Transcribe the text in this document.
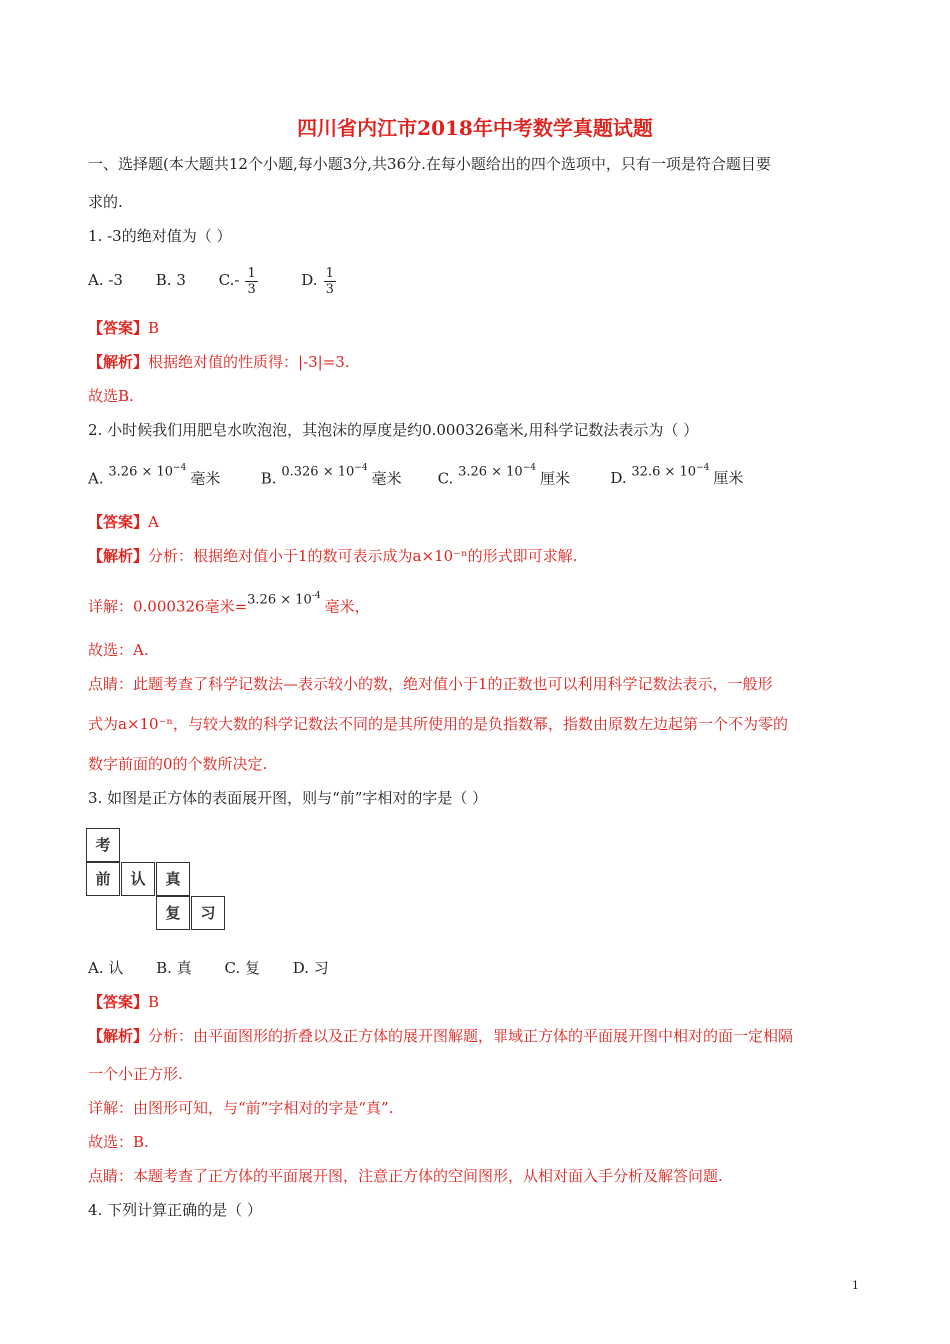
四川省内江市2018年中考数学真题试题
一、选择题(本大题共12个小题,每小题3分,共36分.在每小题给出的四个选项中，只有一项是符合题目要
求的.
1. -3的绝对值为（ ）
A. -3 B. 3 $C.- \frac{1}{3}$	D. $\frac{1}{3}$
【答案】B
【解析】根据绝对值的性质得：|-3|=3.
故选B.
2. 小时候我们用肥皂水吹泡泡，其泡沫的厚度是约0.000326毫米,用科学记数法表示为（ ）
A. $3.26 \times 10^{-4}$毫米	B. $0.326 \times 10^{-4}$毫米 C. $3.26 \times 10^{-4}$厘米	D. $32.6 \times 10^{-4}$厘米
【答案】A
【解析】分析：根据绝对值小于1的数可表示成为a×10⁻ⁿ的形式即可求解.
详解：0.000326毫米$=3.26 \times 10^{-4}$毫米，
故选：A.
点睛：此题考查了科学记数法—表示较小的数，绝对值小于1的正数也可以利用科学记数法表示，一般形
式为a×10⁻ⁿ，与较大数的科学记数法不同的是其所使用的是负指数幂，指数由原数左边起第一个不为零的
数字前面的0的个数所决定.
3. 如图是正方体的表面展开图，则与“前”字相对的字是（ ）
考
前	认	真
复	习
A. 认 B. 真 C. 复 D. 习
【答案】B
【解析】分析：由平面图形的折叠以及正方体的展开图解题，罪域正方体的平面展开图中相对的面一定相隔
一个小正方形.
详解：由图形可知，与“前”字相对的字是“真”.
故选：B.
点睛：本题考查了正方体的平面展开图，注意正方体的空间图形，从相对面入手分析及解答问题.
4. 下列计算正确的是（ ）
1
